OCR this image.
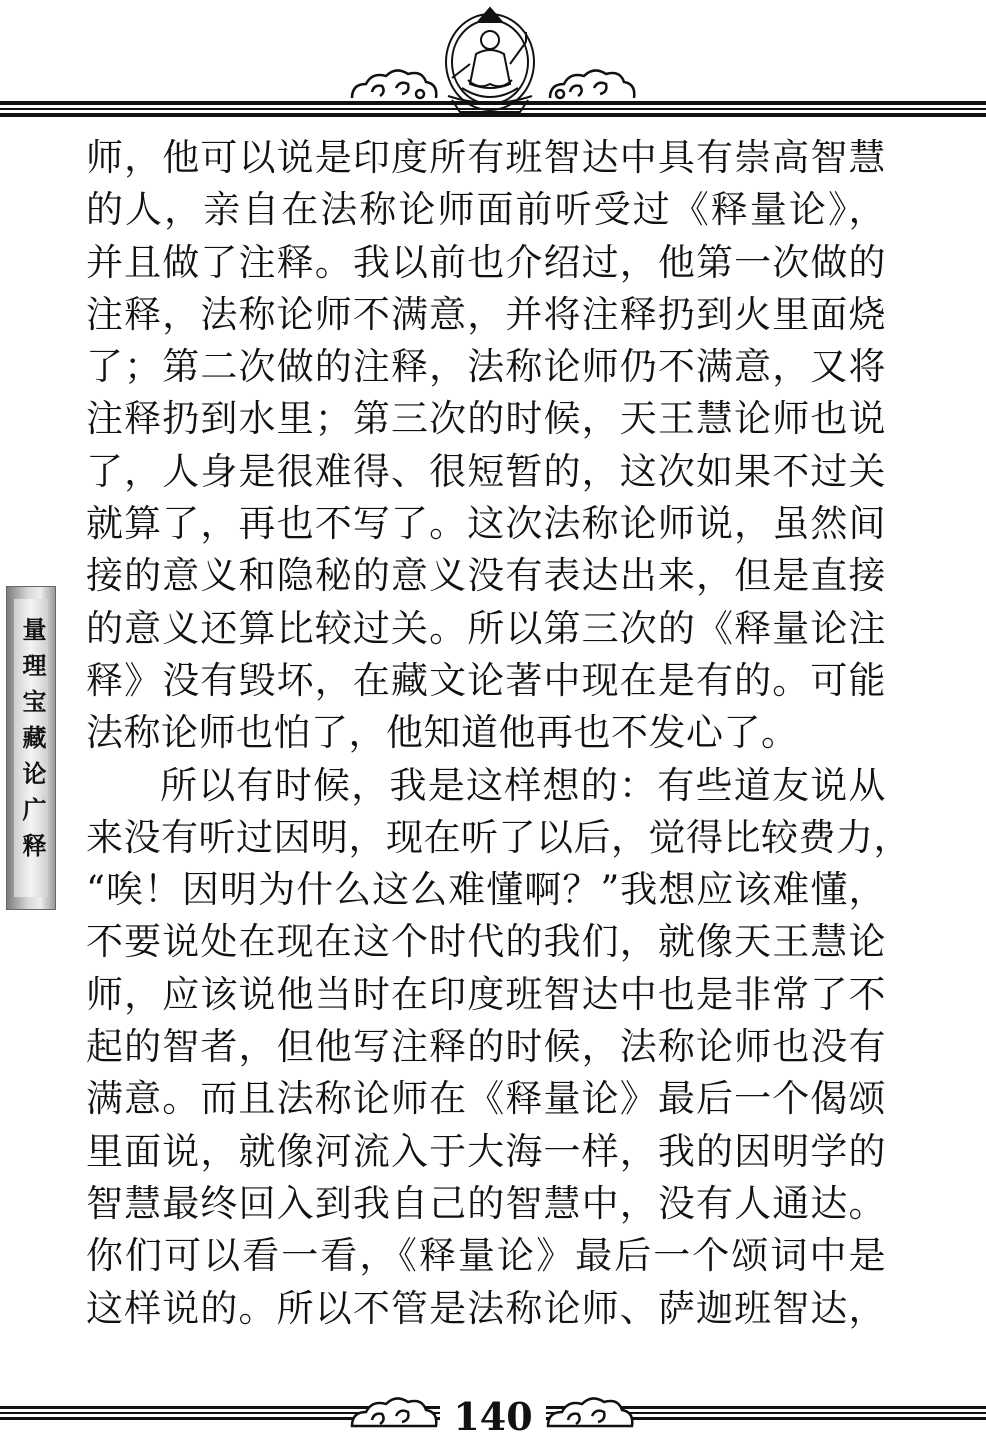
量理宝藏论广释
师，他可以说是印度所有班智达中具有崇高智慧
的人，亲自在法称论师面前听受过《释量论》，
并且做了注释。我以前也介绍过，他第一次做的
注释，法称论师不满意，并将注释扔到火里面烧
了；第二次做的注释，法称论师仍不满意，又将
注释扔到水里；第三次的时候，天王慧论师也说
了，人身是很难得、很短暂的，这次如果不过关
就算了，再也不写了。这次法称论师说，虽然间
接的意义和隐秘的意义没有表达出来，但是直接
的意义还算比较过关。所以第三次的《释量论注
释》没有毁坏，在藏文论著中现在是有的。可能
法称论师也怕了，他知道他再也不发心了。
所以有时候，我是这样想的：有些道友说从
来没有听过因明，现在听了以后，觉得比较费力，
“唉！因明为什么这么难懂啊？”我想应该难懂，
不要说处在现在这个时代的我们，就像天王慧论
师，应该说他当时在印度班智达中也是非常了不
起的智者，但他写注释的时候，法称论师也没有
满意。而且法称论师在《释量论》最后一个偈颂
里面说，就像河流入于大海一样，我的因明学的
智慧最终回入到我自己的智慧中，没有人通达。
你们可以看一看，《释量论》最后一个颂词中是
这样说的。所以不管是法称论师、萨迦班智达，
140
